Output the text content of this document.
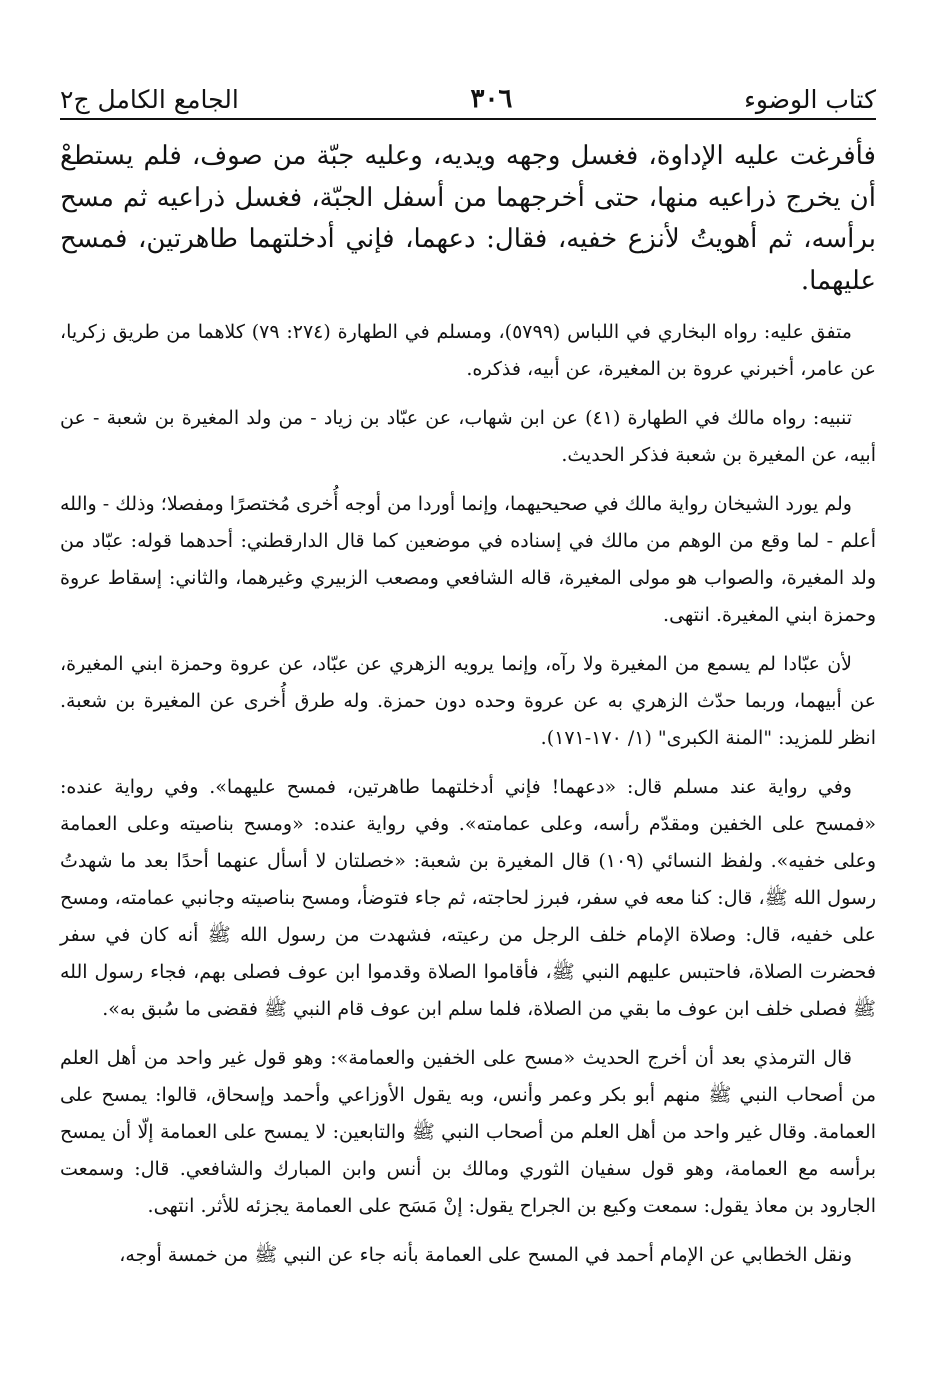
كتاب الوضوء
٣٠٦
الجامع الكامل ج٢

فأفرغت عليه الإداوة، فغسل وجهه ويديه، وعليه جبّة من صوف، فلم يستطعْ أن يخرج ذراعيه منها، حتى أخرجهما من أسفل الجبّة، فغسل ذراعيه ثم مسح برأسه، ثم أهويتُ لأنزع خفيه، فقال: دعهما، فإني أدخلتهما طاهرتين، فمسح عليهما.

متفق عليه: رواه البخاري في اللباس (٥٧٩٩)، ومسلم في الطهارة (٢٧٤: ٧٩) كلاهما من طريق زكريا، عن عامر، أخبرني عروة بن المغيرة، عن أبيه، فذكره.

تنبيه: رواه مالك في الطهارة (٤١) عن ابن شهاب، عن عبّاد بن زياد - من ولد المغيرة بن شعبة - عن أبيه، عن المغيرة بن شعبة فذكر الحديث.

ولم يورد الشيخان رواية مالك في صحيحيهما، وإنما أوردا من أوجه أُخرى مُختصرًا ومفصلا؛ وذلك - والله أعلم - لما وقع من الوهم من مالك في إسناده في موضعين كما قال الدارقطني: أحدهما قوله: عبّاد من ولد المغيرة، والصواب هو مولى المغيرة، قاله الشافعي ومصعب الزبيري وغيرهما، والثاني: إسقاط عروة وحمزة ابني المغيرة. انتهى.

لأن عبّادا لم يسمع من المغيرة ولا رآه، وإنما يرويه الزهري عن عبّاد، عن عروة وحمزة ابني المغيرة، عن أبيهما، وربما حدّث الزهري به عن عروة وحده دون حمزة. وله طرق أُخرى عن المغيرة بن شعبة. انظر للمزيد: "المنة الكبرى" (١/ ١٧٠-١٧١).

وفي رواية عند مسلم قال: «دعهما! فإني أدخلتهما طاهرتين، فمسح عليهما». وفي رواية عنده: «فمسح على الخفين ومقدّم رأسه، وعلى عمامته». وفي رواية عنده: «ومسح بناصيته وعلى العمامة وعلى خفيه». ولفظ النسائي (١٠٩) قال المغيرة بن شعبة: «خصلتان لا أسأل عنهما أحدًا بعد ما شهدتُ رسول الله ﷺ، قال: كنا معه في سفر، فبرز لحاجته، ثم جاء فتوضأ، ومسح بناصيته وجانبي عمامته، ومسح على خفيه، قال: وصلاة الإمام خلف الرجل من رعيته، فشهدت من رسول الله ﷺ أنه كان في سفر فحضرت الصلاة، فاحتبس عليهم النبي ﷺ، فأقاموا الصلاة وقدموا ابن عوف فصلى بهم، فجاء رسول الله ﷺ فصلى خلف ابن عوف ما بقي من الصلاة، فلما سلم ابن عوف قام النبي ﷺ فقضى ما سُبق به».

قال الترمذي بعد أن أخرج الحديث «مسح على الخفين والعمامة»: وهو قول غير واحد من أهل العلم من أصحاب النبي ﷺ منهم أبو بكر وعمر وأنس، وبه يقول الأوزاعي وأحمد وإسحاق، قالوا: يمسح على العمامة. وقال غير واحد من أهل العلم من أصحاب النبي ﷺ والتابعين: لا يمسح على العمامة إلّا أن يمسح برأسه مع العمامة، وهو قول سفيان الثوري ومالك بن أنس وابن المبارك والشافعي. قال: وسمعت الجارود بن معاذ يقول: سمعت وكيع بن الجراح يقول: إنْ مَسَح على العمامة يجزئه للأثر. انتهى.

ونقل الخطابي عن الإمام أحمد في المسح على العمامة بأنه جاء عن النبي ﷺ من خمسة أوجه،
